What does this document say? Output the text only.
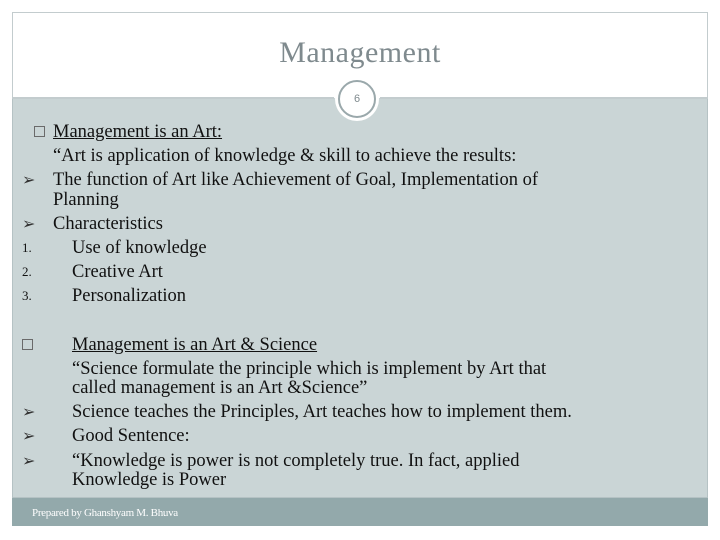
Management
6
Management is an Art:
“Art is application of knowledge & skill to achieve the results:
➢ The function of Art like Achievement of Goal, Implementation of
Planning
➢ Characteristics
1. Use of knowledge
2. Creative Art
3. Personalization
Management is an Art & Science
“Science formulate the principle which is implement by Art that
called management is an Art &Science”
➢ Science teaches the Principles, Art teaches how to implement them.
➢ Good Sentence:
➢ “Knowledge is power is not completely true. In fact, applied
Knowledge is Power
Prepared by Ghanshyam M. Bhuva
